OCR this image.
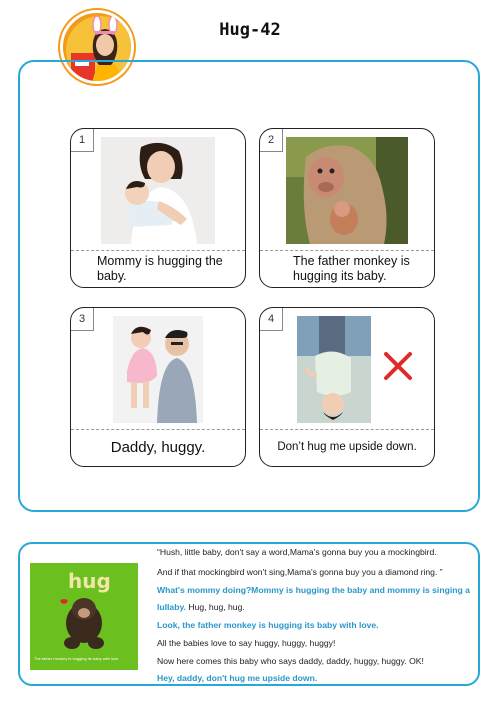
Hug-42
1
Mommy is hugging the
baby.
2
The father monkey is
hugging its baby.
3
Daddy, huggy.
4
Don’t hug me upside down.
hug
The father monkey is hugging its baby with love.
“Hush, little baby, don't say a word,Mama's gonna buy you a mockingbird.
And if that mockingbird won't sing,Mama's gonna buy you a diamond ring. ”
What's mommy doing?Mommy is hugging the baby and mommy is singing a
lullaby. Hug, hug, hug.
Look, the father monkey is hugging its baby with love.
All the babies love to say huggy, huggy, huggy!
Now here comes this baby who says daddy, daddy, huggy, huggy. OK!
Hey, daddy, don't hug me upside down.
